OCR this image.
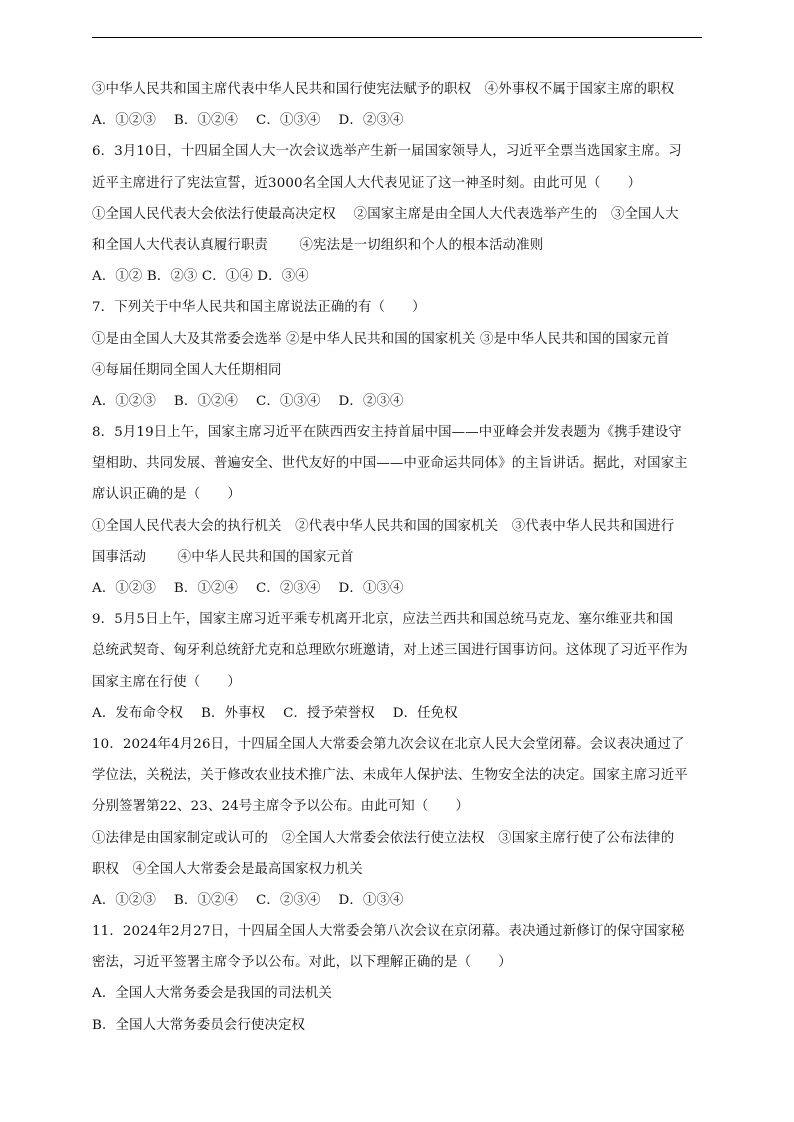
③中华人民共和国主席代表中华人民共和国行使宪法赋予的职权　④外事权不属于国家主席的职权
A．①②③　 B．①②④　 C．①③④　 D．②③④
6．3月10日，十四届全国人大一次会议选举产生新一届国家领导人，习近平全票当选国家主席。习
近平主席进行了宪法宣誓，近3000名全国人大代表见证了这一神圣时刻。由此可见（　　）
①全国人民代表大会依法行使最高决定权　 ②国家主席是由全国人大代表选举产生的　③全国人大
和全国人大代表认真履行职责　　 ④宪法是一切组织和个人的根本活动准则
A．①② B．②③ C．①④ D．③④
7．下列关于中华人民共和国主席说法正确的有（　　）
①是由全国人大及其常委会选举 ②是中华人民共和国的国家机关 ③是中华人民共和国的国家元首
④每届任期同全国人大任期相同
A．①②③　 B．①②④　 C．①③④　 D．②③④
8．5月19日上午，国家主席习近平在陕西西安主持首届中国——中亚峰会并发表题为《携手建设守
望相助、共同发展、普遍安全、世代友好的中国——中亚命运共同体》的主旨讲话。据此，对国家主
席认识正确的是（　　）
①全国人民代表大会的执行机关　②代表中华人民共和国的国家机关　③代表中华人民共和国进行
国事活动　　 ④中华人民共和国的国家元首
A．①②③　 B．①②④　 C．②③④　 D．①③④
9．5月5日上午，国家主席习近平乘专机离开北京，应法兰西共和国总统马克龙、塞尔维亚共和国
总统武契奇、匈牙利总统舒尤克和总理欧尔班邀请，对上述三国进行国事访问。这体现了习近平作为
国家主席在行使（　　）
A．发布命令权　 B．外事权　 C．授予荣誉权　 D．任免权
10．2024年4月26日，十四届全国人大常委会第九次会议在北京人民大会堂闭幕。会议表决通过了
学位法，关税法，关于修改农业技术推广法、未成年人保护法、生物安全法的决定。国家主席习近平
分别签署第22、23、24号主席令予以公布。由此可知（　　）
①法律是由国家制定或认可的　②全国人大常委会依法行使立法权　③国家主席行使了公布法律的
职权　④全国人大常委会是最高国家权力机关
A．①②③　 B．①②④　 C．②③④　 D．①③④
11．2024年2月27日，十四届全国人大常委会第八次会议在京闭幕。表决通过新修订的保守国家秘
密法，习近平签署主席令予以公布。对此，以下理解正确的是（　　）
A．全国人大常务委会是我国的司法机关
B．全国人大常务委员会行使决定权
